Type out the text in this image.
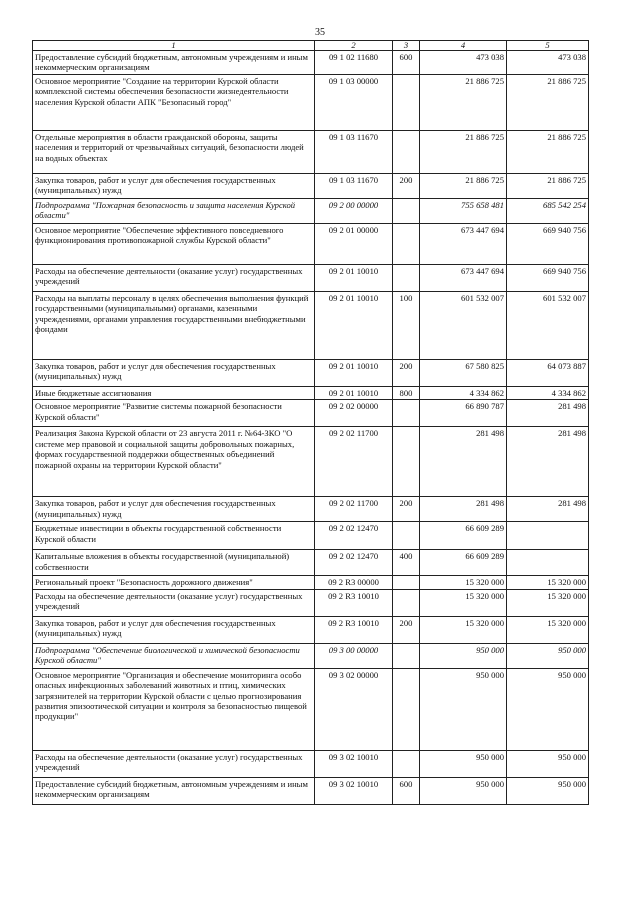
35
1	2	3	4	5
Предоставление субсидий бюджетным, автономным учреждениям и иным некоммерческим организациям	09 1 02 11680	600	473 038	473 038
Основное мероприятие "Создание на территории Курской области комплексной системы обеспечения безопасности жизнедеятельности населения Курской области АПК "Безопасный город"	09 1 03 00000		21 886 725	21 886 725
Отдельные мероприятия в области гражданской обороны, защиты населения и территорий от чрезвычайных ситуаций, безопасности людей на водных объектах	09 1 03 11670		21 886 725	21 886 725
Закупка товаров, работ и услуг для обеспечения государственных (муниципальных) нужд	09 1 03 11670	200	21 886 725	21 886 725
Подпрограмма "Пожарная безопасность и защита населения Курской области"	09 2 00 00000		755 658 481	685 542 254
Основное мероприятие "Обеспечение эффективного повседневного функционирования противопожарной службы Курской области"	09 2 01 00000		673 447 694	669 940 756
Расходы на обеспечение деятельности (оказание услуг) государственных учреждений	09 2 01 10010		673 447 694	669 940 756
Расходы на выплаты персоналу в целях обеспечения выполнения функций государственными (муниципальными) органами, казенными учреждениями, органами управления государственными внебюджетными фондами	09 2 01 10010	100	601 532 007	601 532 007
Закупка товаров, работ и услуг для обеспечения государственных (муниципальных) нужд	09 2 01 10010	200	67 580 825	64 073 887
Иные бюджетные ассигнования	09 2 01 10010	800	4 334 862	4 334 862
Основное мероприятие "Развитие системы пожарной безопасности Курской области"	09 2 02 00000		66 890 787	281 498
Реализация Закона Курской области от 23 августа 2011 г. №64-ЗКО "О системе мер правовой и социальной защиты добровольных пожарных, формах государственной поддержки общественных объединений пожарной охраны на территории Курской области"	09 2 02 11700		281 498	281 498
Закупка товаров, работ и услуг для обеспечения государственных (муниципальных) нужд	09 2 02 11700	200	281 498	281 498
Бюджетные инвестиции в объекты государственной собственности Курской области	09 2 02 12470		66 609 289	
Капитальные вложения в объекты государственной (муниципальной) собственности	09 2 02 12470	400	66 609 289	
Региональный проект "Безопасность дорожного движения"	09 2 R3 00000		15 320 000	15 320 000
Расходы на обеспечение деятельности (оказание услуг) государственных учреждений	09 2 R3 10010		15 320 000	15 320 000
Закупка товаров, работ и услуг для обеспечения государственных (муниципальных) нужд	09 2 R3 10010	200	15 320 000	15 320 000
Подпрограмма "Обеспечение биологической и химической безопасности Курской области"	09 3 00 00000		950 000	950 000
Основное мероприятие "Организация и обеспечение мониторинга особо опасных инфекционных заболеваний животных и птиц, химических загрязнителей на территории Курской области с целью прогнозирования развития эпизоотической ситуации и контроля за безопасностью пищевой продукции"	09 3 02 00000		950 000	950 000
Расходы на обеспечение деятельности (оказание услуг) государственных учреждений	09 3 02 10010		950 000	950 000
Предоставление субсидий бюджетным, автономным учреждениям и иным некоммерческим организациям	09 3 02 10010	600	950 000	950 000
